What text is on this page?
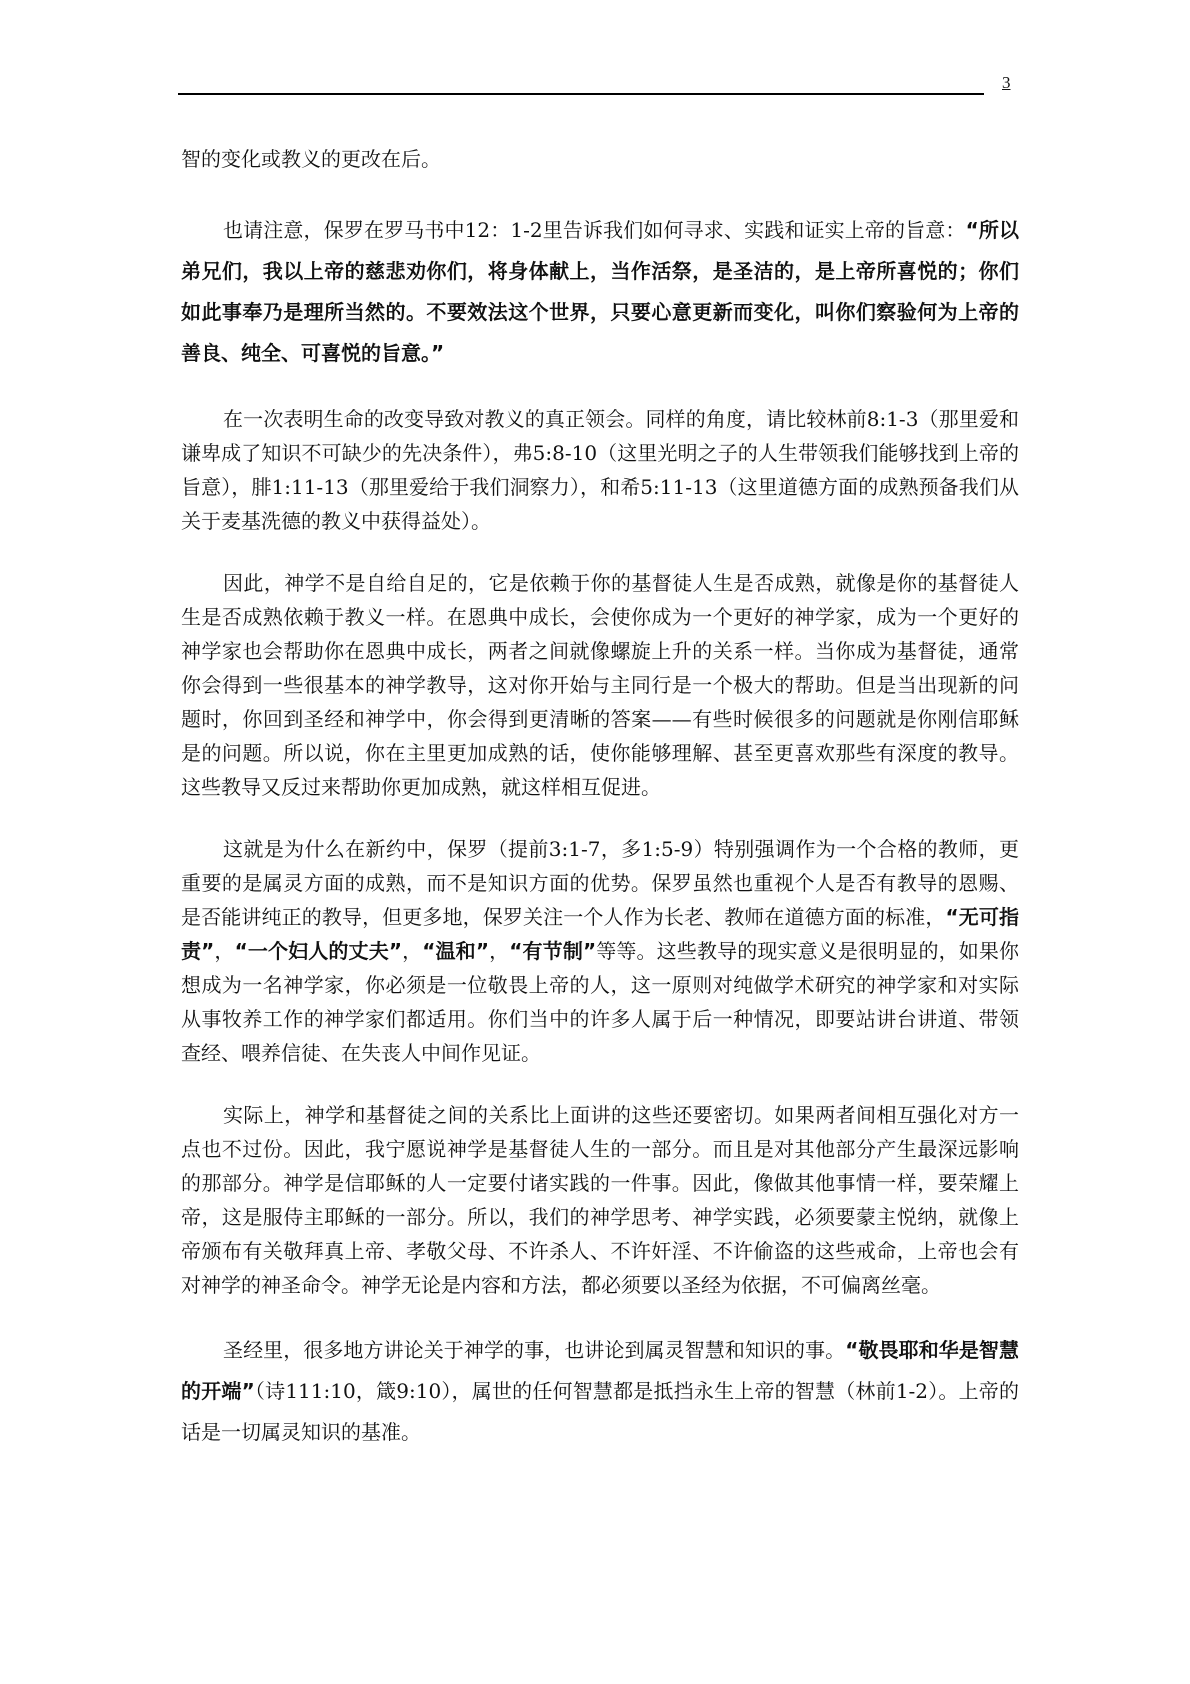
3

智的变化或教义的更改在后。

也请注意，保罗在罗马书中12：1-2里告诉我们如何寻求、实践和证实上帝的旨意：“所以弟兄们，我以上帝的慈悲劝你们，将身体献上，当作活祭，是圣洁的，是上帝所喜悦的；你们如此事奉乃是理所当然的。不要效法这个世界，只要心意更新而变化，叫你们察验何为上帝的善良、纯全、可喜悦的旨意。”

在一次表明生命的改变导致对教义的真正领会。同样的角度，请比较林前8:1-3（那里爱和谦卑成了知识不可缺少的先决条件），弗5:8-10（这里光明之子的人生带领我们能够找到上帝的旨意），腓1:11-13（那里爱给于我们洞察力），和希5:11-13（这里道德方面的成熟预备我们从关于麦基洗德的教义中获得益处）。

因此，神学不是自给自足的，它是依赖于你的基督徒人生是否成熟，就像是你的基督徒人生是否成熟依赖于教义一样。在恩典中成长，会使你成为一个更好的神学家，成为一个更好的神学家也会帮助你在恩典中成长，两者之间就像螺旋上升的关系一样。当你成为基督徒，通常你会得到一些很基本的神学教导，这对你开始与主同行是一个极大的帮助。但是当出现新的问题时，你回到圣经和神学中，你会得到更清晰的答案——有些时候很多的问题就是你刚信耶稣是的问题。所以说，你在主里更加成熟的话，使你能够理解、甚至更喜欢那些有深度的教导。这些教导又反过来帮助你更加成熟，就这样相互促进。

这就是为什么在新约中，保罗（提前3:1-7，多1:5-9）特别强调作为一个合格的教师，更重要的是属灵方面的成熟，而不是知识方面的优势。保罗虽然也重视个人是否有教导的恩赐、是否能讲纯正的教导，但更多地，保罗关注一个人作为长老、教师在道德方面的标准，“无可指责”，“一个妇人的丈夫”，“温和”，“有节制”等等。这些教导的现实意义是很明显的，如果你想成为一名神学家，你必须是一位敬畏上帝的人，这一原则对纯做学术研究的神学家和对实际从事牧养工作的神学家们都适用。你们当中的许多人属于后一种情况，即要站讲台讲道、带领查经、喂养信徒、在失丧人中间作见证。

实际上，神学和基督徒之间的关系比上面讲的这些还要密切。如果两者间相互强化对方一点也不过份。因此，我宁愿说神学是基督徒人生的一部分。而且是对其他部分产生最深远影响的那部分。神学是信耶稣的人一定要付诸实践的一件事。因此，像做其他事情一样，要荣耀上帝，这是服侍主耶稣的一部分。所以，我们的神学思考、神学实践，必须要蒙主悦纳，就像上帝颁布有关敬拜真上帝、孝敬父母、不许杀人、不许奸淫、不许偷盗的这些戒命，上帝也会有对神学的神圣命令。神学无论是内容和方法，都必须要以圣经为依据，不可偏离丝毫。

圣经里，很多地方讲论关于神学的事，也讲论到属灵智慧和知识的事。“敬畏耶和华是智慧的开端”（诗111:10，箴9:10），属世的任何智慧都是抵挡永生上帝的智慧（林前1-2）。上帝的话是一切属灵知识的基准。
